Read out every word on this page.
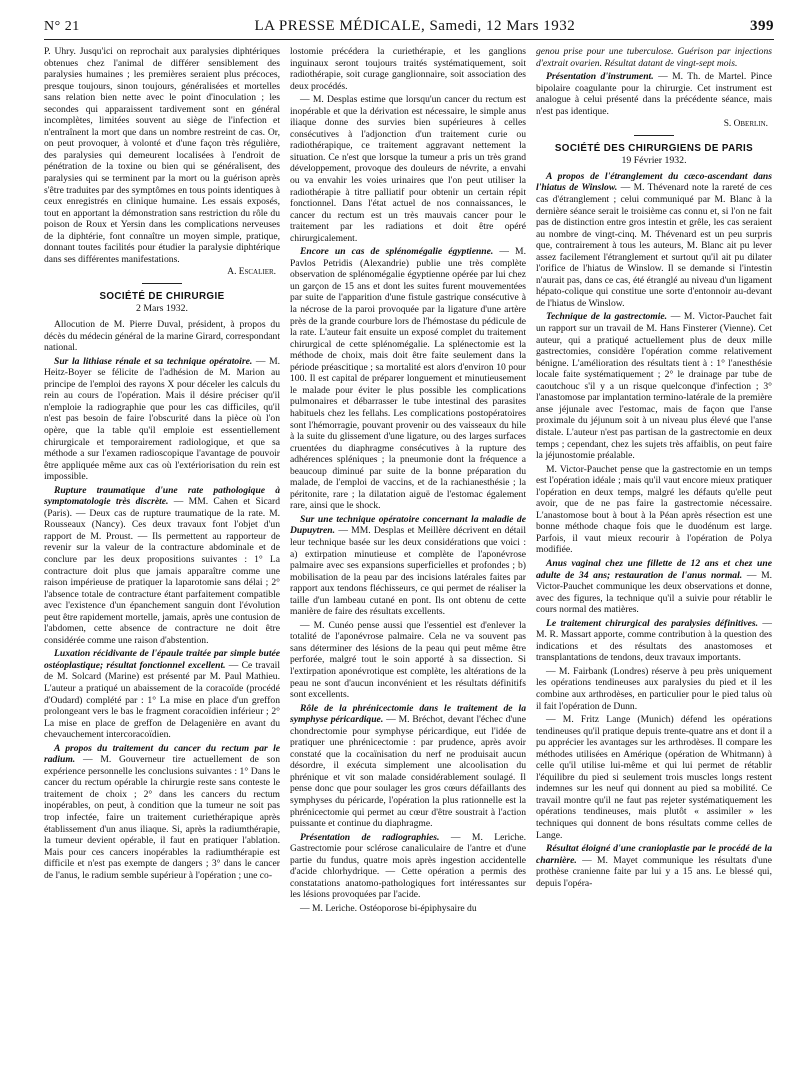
N° 21	LA PRESSE MÉDICALE, Samedi, 12 Mars 1932	399

P. Uhry. Jusqu'ici on reprochait aux paralysies diphtériques obtenues chez l'animal de différer sensiblement des paralysies humaines ; les premières seraient plus précoces, presque toujours, sinon toujours, généralisées et mortelles sans relation bien nette avec le point d'inoculation ; les secondes qui apparaissent tardivement sont en général incomplètes, limitées souvent au siège de l'infection et n'entraînent la mort que dans un nombre restreint de cas. Or, on peut provoquer, à volonté et d'une façon très régulière, des paralysies qui demeurent localisées à l'endroit de pénétration de la toxine ou bien qui se généralisent, des paralysies qui se terminent par la mort ou la guérison après s'être traduites par des symptômes en tous points identiques à ceux enregistrés en clinique humaine. Les essais exposés, tout en apportant la démonstration sans restriction du rôle du poison de Roux et Yersin dans les complications nerveuses de la diphtérie, font connaître un moyen simple, pratique, donnant toutes facilités pour étudier la paralysie diphtérique dans ses différentes manifestations.

A. Escalier.
SOCIÉTÉ DE CHIRURGIE
2 Mars 1932.

Allocution de M. Pierre Duval, président, à propos du décès du médecin général de la marine Girard, correspondant national.

Sur la lithiase rénale et sa technique opératoire. — M. Heitz-Boyer se félicite de l'adhésion de M. Marion au principe de l'emploi des rayons X pour déceler les calculs du rein au cours de l'opération. Mais il désire préciser qu'il n'emploie la radiographie que pour les cas difficiles, qu'il n'est pas besoin de faire l'obscurité dans la pièce où l'on opère, que la table qu'il emploie est essentiellement chirurgicale et temporairement radiologique, et que sa méthode a sur l'examen radioscopique l'avantage de pouvoir être appliquée même aux cas où l'extériorisation du rein est impossible.

Rupture traumatique d'une rate pathologique à symptomatologie très discrète. — MM. Cahen et Sicard (Paris). — Deux cas de rupture traumatique de la rate. M. Rousseaux (Nancy). Ces deux travaux font l'objet d'un rapport de M. Proust. — Ils permettent au rapporteur de revenir sur la valeur de la contracture abdominale et de conclure par les deux propositions suivantes : 1° La contracture doit plus que jamais apparaître comme une raison impérieuse de pratiquer la laparotomie sans délai ; 2° l'absence totale de contracture étant parfaitement compatible avec l'existence d'un épanchement sanguin dont l'évolution peut être rapidement mortelle, jamais, après une contusion de l'abdomen, cette absence de contracture ne doit être considérée comme une raison d'abstention.

Luxation récidivante de l'épaule traitée par simple butée ostéoplastique; résultat fonctionnel excellent. — Ce travail de M. Solcard (Marine) est présenté par M. Paul Mathieu. L'auteur a pratiqué un abaissement de la coracoïde (procédé d'Oudard) complété par : 1° La mise en place d'un greffon prolongeant vers le bas le fragment coracoïdien inférieur ; 2° La mise en place de greffon de Delagenière en avant du chevauchement intercoracoïdien.

A propos du traitement du cancer du rectum par le radium. — M. Gouverneur tire actuellement de son expérience personnelle les conclusions suivantes : 1° Dans le cancer du rectum opérable la chirurgie reste sans conteste le traitement de choix ; 2° dans les cancers du rectum inopérables, on peut, à condition que la tumeur ne soit pas trop infectée, faire un traitement curiethérapique après établissement d'un anus iliaque. Si, après la radiumthérapie, la tumeur devient opérable, il faut en pratiquer l'ablation. Mais pour ces cancers inopérables la radiumthérapie est difficile et n'est pas exempte de dangers ; 3° dans le cancer de l'anus, le radium semble supérieur à l'opération ; une co-

lostomie précédera la curiethérapie, et les ganglions inguinaux seront toujours traités systématiquement, soit radiothérapie, soit curage ganglionnaire, soit association des deux procédés.

— M. Desplas estime que lorsqu'un cancer du rectum est inopérable et que la dérivation est nécessaire, le simple anus iliaque donne des survies bien supérieures à celles consécutives à l'adjonction d'un traitement curie ou radiothérapique, ce traitement aggravant nettement la situation. Ce n'est que lorsque la tumeur a pris un très grand développement, provoque des douleurs de névrite, a envahi ou va envahir les voies urinaires que l'on peut utiliser la radiothérapie à titre palliatif pour obtenir un certain répit fonctionnel. Dans l'état actuel de nos connaissances, le cancer du rectum est un très mauvais cancer pour le traitement par les radiations et doit être opéré chirurgicalement.

Encore un cas de splénomégalie égyptienne. — M. Pavlos Petridis (Alexandrie) publie une très complète observation de splénomégalie égyptienne opérée par lui chez un garçon de 15 ans et dont les suites furent mouvementées par suite de l'apparition d'une fistule gastrique consécutive à la nécrose de la paroi provoquée par la ligature d'une artère près de la grande courbure lors de l'hémostase du pédicule de la rate. L'auteur fait ensuite un exposé complet du traitement chirurgical de cette splénomégalie. La splénectomie est la méthode de choix, mais doit être faite seulement dans la période préascitique ; sa mortalité est alors d'environ 10 pour 100. Il est capital de préparer longuement et minutieusement le malade pour éviter le plus possible les complications pulmonaires et débarrasser le tube intestinal des parasites habituels chez les fellahs. Les complications postopératoires sont l'hémorragie, pouvant provenir ou des vaisseaux du hile à la suite du glissement d'une ligature, ou des larges surfaces cruentées du diaphragme consécutives à la rupture des adhérences spléniques ; la pneumonie dont la fréquence a beaucoup diminué par suite de la bonne préparation du malade, de l'emploi de vaccins, et de la rachianesthésie ; la péritonite, rare ; la dilatation aiguë de l'estomac également rare, ainsi que le shock.

Sur une technique opératoire concernant la maladie de Dupuytren. — MM. Desplas et Meillère décrivent en détail leur technique basée sur les deux considérations que voici : a) extirpation minutieuse et complète de l'aponévrose palmaire avec ses expansions superficielles et profondes ; b) mobilisation de la peau par des incisions latérales faites par rapport aux tendons fléchisseurs, ce qui permet de réaliser la taille d'un lambeau cutané en pont. Ils ont obtenu de cette manière de faire des résultats excellents.

— M. Cunéo pense aussi que l'essentiel est d'enlever la totalité de l'aponévrose palmaire. Cela ne va souvent pas sans déterminer des lésions de la peau qui peut même être perforée, malgré tout le soin apporté à sa dissection. Si l'extirpation aponévrotique est complète, les altérations de la peau ne sont d'aucun inconvénient et les résultats définitifs sont excellents.

Rôle de la phrénicectomie dans le traitement de la symphyse péricardique. — M. Bréchot, devant l'échec d'une chondrectomie pour symphyse péricardique, eut l'idée de pratiquer une phrénicectomie : par prudence, après avoir constaté que la cocaïnisation du nerf ne produisait aucun désordre, il exécuta simplement une alcoolisation du phrénique et vit son malade considérablement soulagé. Il pense donc que pour soulager les gros cœurs défaillants des symphyses du péricarde, l'opération la plus rationnelle est la phrénicectomie qui permet au cœur d'être soustrait à l'action puissante et continue du diaphragme.

Présentation de radiographies. — M. Leriche. Gastrectomie pour sclérose canaliculaire de l'antre et d'une partie du fundus, quatre mois après ingestion accidentelle d'acide chlorhydrique. — Cette opération a permis des constatations anatomo-pathologiques fort intéressantes sur les lésions provoquées par l'acide.

— M. Leriche. Ostéoporose bi-épiphysaire du

genou prise pour une tuberculose. Guérison par injections d'extrait ovarien. Résultat datant de vingt-sept mois.

Présentation d'instrument. — M. Th. de Martel. Pince bipolaire coagulante pour la chirurgie. Cet instrument est analogue à celui présenté dans la précédente séance, mais n'est pas identique.

S. Oberlin.
SOCIÉTÉ DES CHIRURGIENS DE PARIS
19 Février 1932.

A propos de l'étranglement du cæco-ascendant dans l'hiatus de Winslow. — M. Thévenard note la rareté de ces cas d'étranglement ; celui communiqué par M. Blanc à la dernière séance serait le troisième cas connu et, si l'on ne fait pas de distinction entre gros intestin et grêle, les cas seraient au nombre de vingt-cinq. M. Thévenard est un peu surpris que, contrairement à tous les auteurs, M. Blanc ait pu lever assez facilement l'étranglement et surtout qu'il ait pu dilater l'orifice de l'hiatus de Winslow. Il se demande si l'intestin n'aurait pas, dans ce cas, été étranglé au niveau d'un ligament hépato-colique qui constitue une sorte d'entonnoir au-devant de l'hiatus de Winslow.

Technique de la gastrectomie. — M. Victor-Pauchet fait un rapport sur un travail de M. Hans Finsterer (Vienne). Cet auteur, qui a pratiqué actuellement plus de deux mille gastrectomies, considère l'opération comme relativement bénigne. L'amélioration des résultats tient à : 1° l'anesthésie locale faite systématiquement ; 2° le drainage par tube de caoutchouc s'il y a un risque quelconque d'infection ; 3° l'anastomose par implantation termino-latérale de la première anse jéjunale avec l'estomac, mais de façon que l'anse proximale du jéjunum soit à un niveau plus élevé que l'anse distale. L'auteur n'est pas partisan de la gastrectomie en deux temps ; cependant, chez les sujets très affaiblis, on peut faire la jéjunostomie préalable.

M. Victor-Pauchet pense que la gastrectomie en un temps est l'opération idéale ; mais qu'il vaut encore mieux pratiquer l'opération en deux temps, malgré les défauts qu'elle peut avoir, que de ne pas faire la gastrectomie nécessaire. L'anastomose bout à bout à la Péan après résection est une bonne méthode chaque fois que le duodénum est large. Parfois, il vaut mieux recourir à l'opération de Polya modifiée.

Anus vaginal chez une fillette de 12 ans et chez une adulte de 34 ans; restauration de l'anus normal. — M. Victor-Pauchet communique les deux observations et donne, avec des figures, la technique qu'il a suivie pour rétablir le cours normal des matières.

Le traitement chirurgical des paralysies définitives. — M. R. Massart apporte, comme contribution à la question des indications et des résultats des anastomoses et transplantations de tendons, deux travaux importants.

— M. Fairbank (Londres) réserve à peu près uniquement les opérations tendineuses aux paralysies du pied et il les combine aux arthrodèses, en particulier pour le pied talus où il fait l'opération de Dunn.

— M. Fritz Lange (Munich) défend les opérations tendineuses qu'il pratique depuis trente-quatre ans et dont il a pu apprécier les avantages sur les arthrodèses. Il compare les méthodes utilisées en Amérique (opération de Whitmann) à celle qu'il utilise lui-même et qui lui permet de rétablir l'équilibre du pied si seulement trois muscles longs restent indemnes sur les neuf qui donnent au pied sa mobilité. Ce travail montre qu'il ne faut pas rejeter systématiquement les opérations tendineuses, mais plutôt « assimiler » les techniques qui donnent de bons résultats comme celles de Lange.

Résultat éloigné d'une cranioplastie par le procédé de la charnière. — M. Mayet communique les résultats d'une prothèse cranienne faite par lui y a 15 ans. Le blessé qui, depuis l'opéra-
